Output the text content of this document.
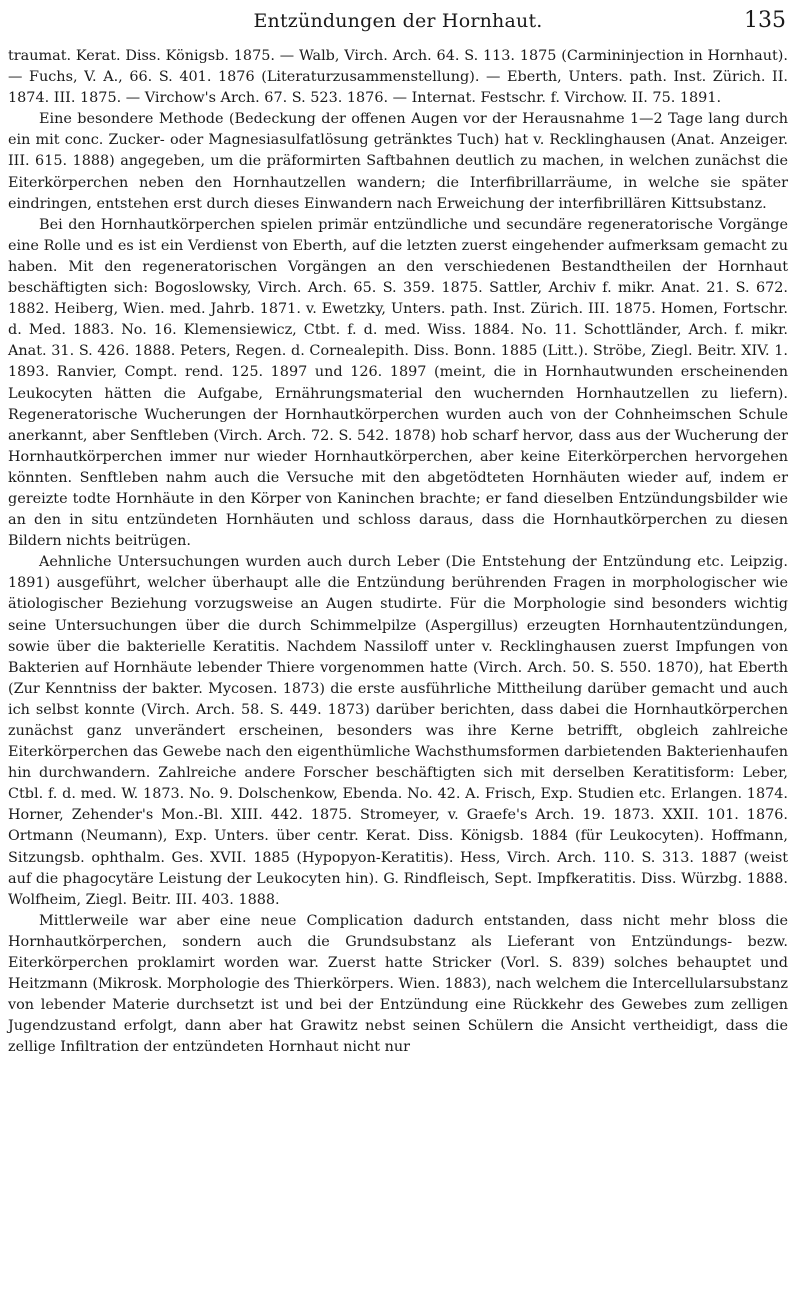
Entzündungen der Hornhaut.	135

traumat. Kerat. Diss. Königsb. 1875. — Walb, Virch. Arch. 64. S. 113. 1875 (Carmininjection in Hornhaut). — Fuchs, V. A., 66. S. 401. 1876 (Literaturzusammenstellung). — Eberth, Unters. path. Inst. Zürich. II. 1874. III. 1875. — Virchow's Arch. 67. S. 523. 1876. — Internat. Festschr. f. Virchow. II. 75. 1891.

Eine besondere Methode (Bedeckung der offenen Augen vor der Herausnahme 1—2 Tage lang durch ein mit conc. Zucker- oder Magnesiasulfatlösung getränktes Tuch) hat v. Recklinghausen (Anat. Anzeiger. III. 615. 1888) angegeben, um die präformirten Saftbahnen deutlich zu machen, in welchen zunächst die Eiterkörperchen neben den Hornhautzellen wandern; die Interfibrillarräume, in welche sie später eindringen, entstehen erst durch dieses Einwandern nach Erweichung der interfibrillären Kittsubstanz.

Bei den Hornhautkörperchen spielen primär entzündliche und secundäre regeneratorische Vorgänge eine Rolle und es ist ein Verdienst von Eberth, auf die letzten zuerst eingehender aufmerksam gemacht zu haben. Mit den regeneratorischen Vorgängen an den verschiedenen Bestandtheilen der Hornhaut beschäftigten sich: Bogoslowsky, Virch. Arch. 65. S. 359. 1875. Sattler, Archiv f. mikr. Anat. 21. S. 672. 1882. Heiberg, Wien. med. Jahrb. 1871. v. Ewetzky, Unters. path. Inst. Zürich. III. 1875. Homen, Fortschr. d. Med. 1883. No. 16. Klemensiewicz, Ctbt. f. d. med. Wiss. 1884. No. 11. Schottländer, Arch. f. mikr. Anat. 31. S. 426. 1888. Peters, Regen. d. Cornealepith. Diss. Bonn. 1885 (Litt.). Ströbe, Ziegl. Beitr. XIV. 1. 1893. Ranvier, Compt. rend. 125. 1897 und 126. 1897 (meint, die in Hornhautwunden erscheinenden Leukocyten hätten die Aufgabe, Ernährungsmaterial den wuchernden Hornhautzellen zu liefern). Regeneratorische Wucherungen der Hornhautkörperchen wurden auch von der Cohnheimschen Schule anerkannt, aber Senftleben (Virch. Arch. 72. S. 542. 1878) hob scharf hervor, dass aus der Wucherung der Hornhautkörperchen immer nur wieder Hornhautkörperchen, aber keine Eiterkörperchen hervorgehen könnten. Senftleben nahm auch die Versuche mit den abgetödteten Hornhäuten wieder auf, indem er gereizte todte Hornhäute in den Körper von Kaninchen brachte; er fand dieselben Entzündungsbilder wie an den in situ entzündeten Hornhäuten und schloss daraus, dass die Hornhautkörperchen zu diesen Bildern nichts beitrügen.

Aehnliche Untersuchungen wurden auch durch Leber (Die Entstehung der Entzündung etc. Leipzig. 1891) ausgeführt, welcher überhaupt alle die Entzündung berührenden Fragen in morphologischer wie ätiologischer Beziehung vorzugsweise an Augen studirte. Für die Morphologie sind besonders wichtig seine Untersuchungen über die durch Schimmelpilze (Aspergillus) erzeugten Hornhautentzündungen, sowie über die bakterielle Keratitis. Nachdem Nassiloff unter v. Recklinghausen zuerst Impfungen von Bakterien auf Hornhäute lebender Thiere vorgenommen hatte (Virch. Arch. 50. S. 550. 1870), hat Eberth (Zur Kenntniss der bakter. Mycosen. 1873) die erste ausführliche Mittheilung darüber gemacht und auch ich selbst konnte (Virch. Arch. 58. S. 449. 1873) darüber berichten, dass dabei die Hornhautkörperchen zunächst ganz unverändert erscheinen, besonders was ihre Kerne betrifft, obgleich zahlreiche Eiterkörperchen das Gewebe nach den eigenthümliche Wachsthumsformen darbietenden Bakterienhaufen hin durchwandern. Zahlreiche andere Forscher beschäftigten sich mit derselben Keratitisform: Leber, Ctbl. f. d. med. W. 1873. No. 9. Dolschenkow, Ebenda. No. 42. A. Frisch, Exp. Studien etc. Erlangen. 1874. Horner, Zehender's Mon.-Bl. XIII. 442. 1875. Stromeyer, v. Graefe's Arch. 19. 1873. XXII. 101. 1876. Ortmann (Neumann), Exp. Unters. über centr. Kerat. Diss. Königsb. 1884 (für Leukocyten). Hoffmann, Sitzungsb. ophthalm. Ges. XVII. 1885 (Hypopyon-Keratitis). Hess, Virch. Arch. 110. S. 313. 1887 (weist auf die phagocytäre Leistung der Leukocyten hin). G. Rindfleisch, Sept. Impfkeratitis. Diss. Würzbg. 1888. Wolfheim, Ziegl. Beitr. III. 403. 1888.

Mittlerweile war aber eine neue Complication dadurch entstanden, dass nicht mehr bloss die Hornhautkörperchen, sondern auch die Grundsubstanz als Lieferant von Entzündungs- bezw. Eiterkörperchen proklamirt worden war. Zuerst hatte Stricker (Vorl. S. 839) solches behauptet und Heitzmann (Mikrosk. Morphologie des Thierkörpers. Wien. 1883), nach welchem die Intercellularsubstanz von lebender Materie durchsetzt ist und bei der Entzündung eine Rückkehr des Gewebes zum zelligen Jugendzustand erfolgt, dann aber hat Grawitz nebst seinen Schülern die Ansicht vertheidigt, dass die zellige Infiltration der entzündeten Hornhaut nicht nur
